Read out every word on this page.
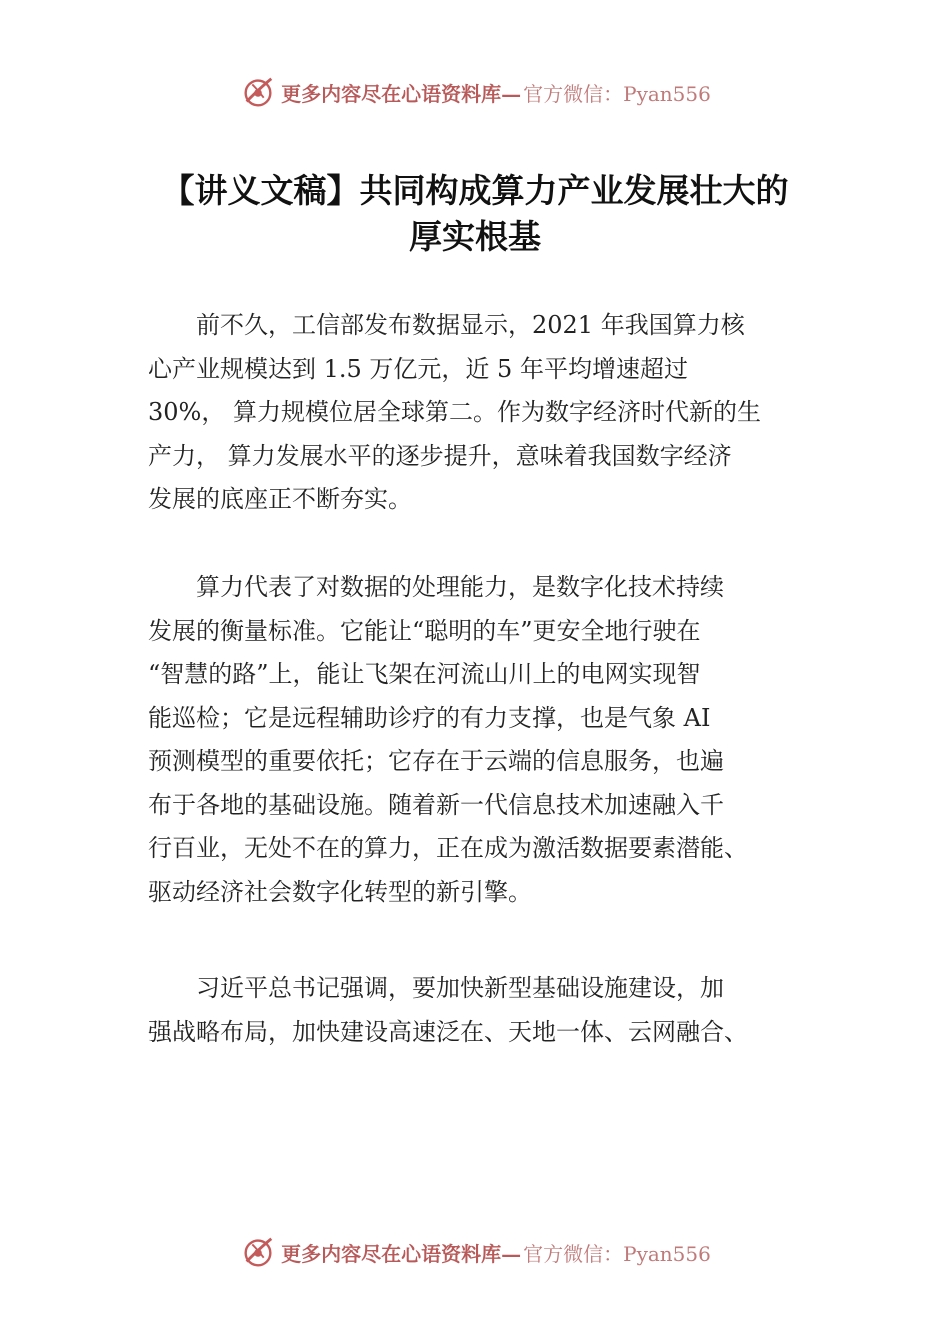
更多内容尽在心语资料库— 官方微信：Pyan556
【讲义文稿】共同构成算力产业发展壮大的
厚实根基

　　前不久，工信部发布数据显示，2021 年我国算力核
心产业规模达到 1.5 万亿元，近 5 年平均增速超过
30%， 算力规模位居全球第二。作为数字经济时代新的生
产力， 算力发展水平的逐步提升，意味着我国数字经济
发展的底座正不断夯实。

　　算力代表了对数据的处理能力，是数字化技术持续
发展的衡量标准。它能让“聪明的车”更安全地行驶在
“智慧的路”上，能让飞架在河流山川上的电网实现智
能巡检；它是远程辅助诊疗的有力支撑，也是气象 AI
预测模型的重要依托；它存在于云端的信息服务，也遍
布于各地的基础设施。随着新一代信息技术加速融入千
行百业，无处不在的算力，正在成为激活数据要素潜能、
驱动经济社会数字化转型的新引擎。

　　习近平总书记强调，要加快新型基础设施建设，加
强战略布局，加快建设高速泛在、天地一体、云网融合、

更多内容尽在心语资料库— 官方微信：Pyan556
